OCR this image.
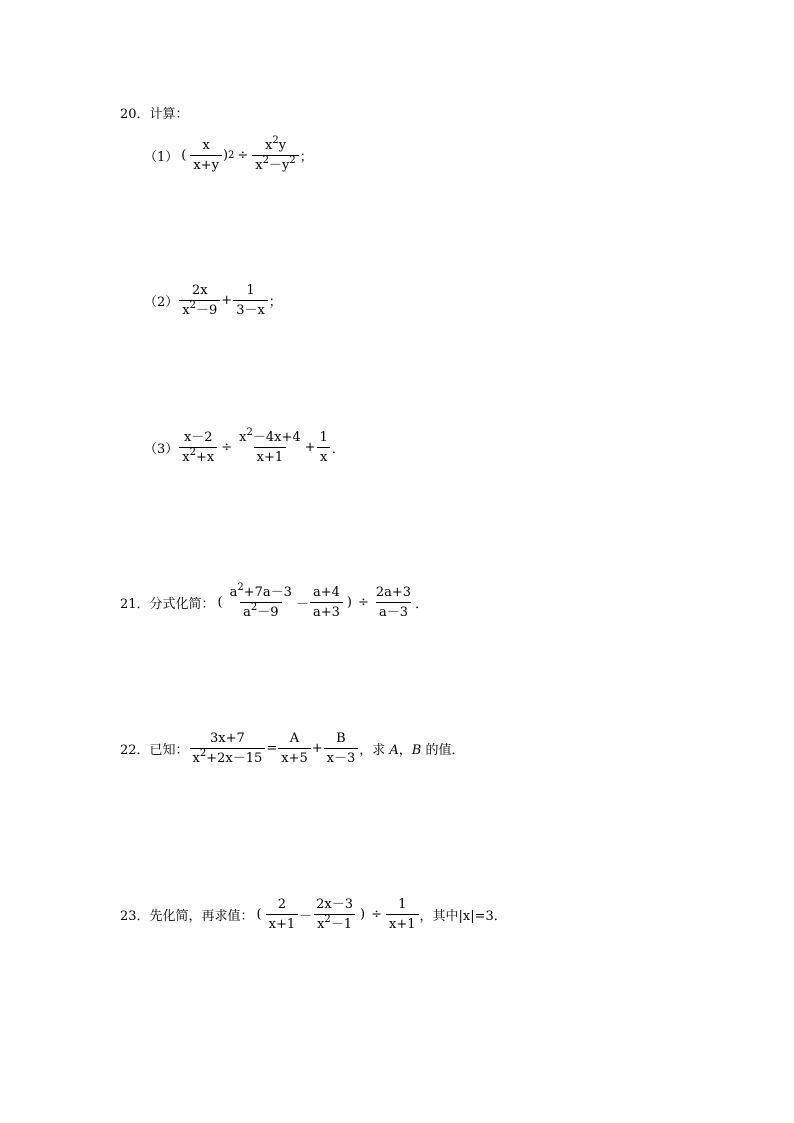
20．计算：
（1） ( $\frac{x}{x+y}$ ) $2 \div \frac{x^2y}{x^2-y^2}$ ；
$(2) \frac{2x}{x^2-9} + \frac{1}{3-x}$ ；
$(3) \frac{x-2}{x^2+x} \div \frac{x^2-4x+4}{x+1} + \frac{1}{x}$ ．
21．分式化简： ( $\frac{a^2+7a-3}{a^2-9} - \frac{a+4}{a+3}$ ) ÷ $\frac{2a+3}{a-3}$ ．
22．已知： $\frac{3x+7}{x^2+2x-15} = \frac{A}{x+5} + \frac{B}{x-3}$ ，求 A，B 的值．
23．先化简，再求值： ( $\frac{2}{x+1} - \frac{2x-3}{x^2-1}$ ) ÷ $\frac{1}{x+1}$ ，其中|x|=3．
